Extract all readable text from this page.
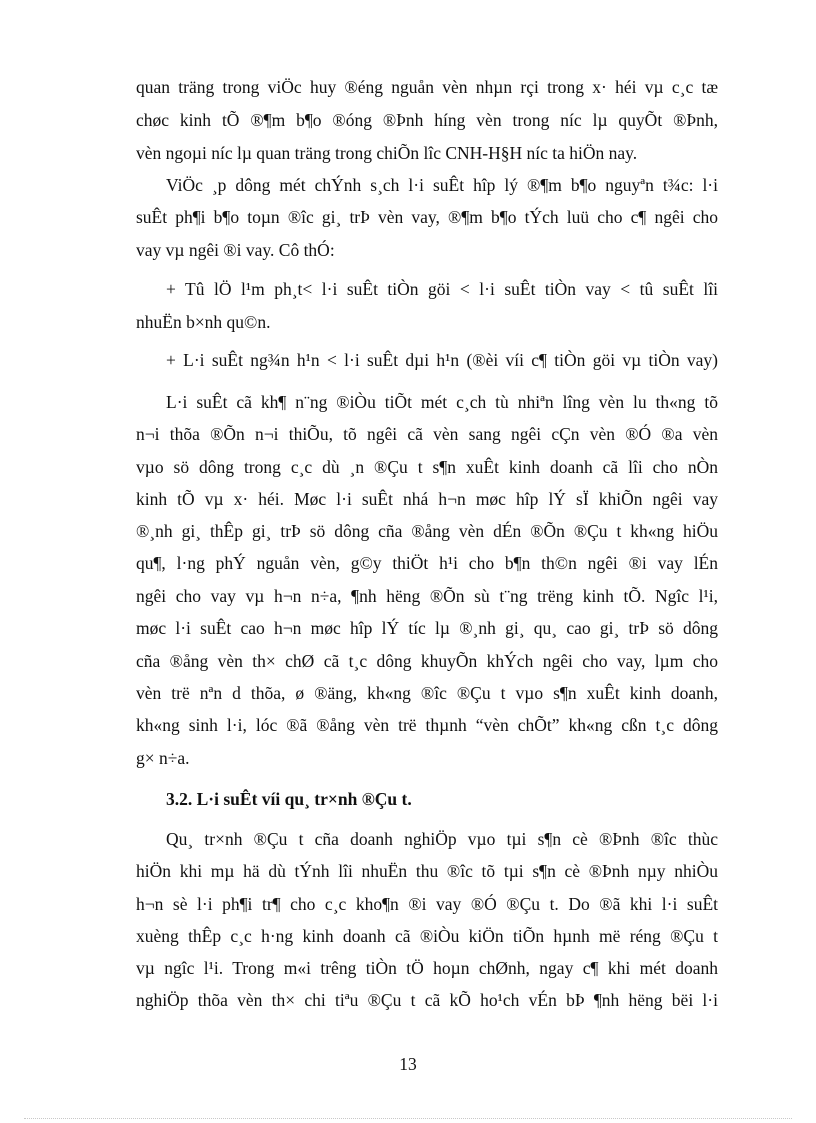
quan träng trong viÖc huy ®éng nguån vèn nhµn rçi trong x· héi vµ c¸c tæ
chøc kinh tÕ ®¶m b¶o ®óng ®Þnh híng vèn trong níc lµ quyÕt ®Þnh,
vèn ngoµi níc lµ quan träng trong chiÕn lîc CNH-H§H níc ta hiÖn nay.
ViÖc ¸p dông mét chÝnh s¸ch l·i suÊt hîp lý ®¶m b¶o nguyªn t¾c: l·i
suÊt ph¶i b¶o toµn ®îc gi¸ trÞ vèn vay, ®¶m b¶o tÝch luü cho c¶ ngêi cho
vay vµ ngêi ®i vay. Cô thÓ:
+ Tû lÖ l¹m ph¸t< l·i suÊt tiÒn göi < l·i suÊt tiÒn vay < tû suÊt lîi
nhuËn b×nh qu©n.
+ L·i suÊt ng¾n h¹n < l·i suÊt dµi h¹n (®èi víi c¶ tiÒn göi vµ tiÒn vay)
L·i suÊt cã kh¶ n¨ng ®iÒu tiÕt mét c¸ch tù nhiªn lîng vèn lu th«ng tõ
n¬i thõa ®Õn n¬i thiÕu, tõ ngêi cã vèn sang ngêi cÇn vèn ®Ó ®a vèn
vµo sö dông trong c¸c dù ¸n ®Çu t s¶n xuÊt kinh doanh cã lîi cho nÒn
kinh tÕ vµ x· héi. Møc l·i suÊt nhá h¬n møc hîp lÝ sÏ khiÕn ngêi vay
®¸nh gi¸ thÊp gi¸ trÞ sö dông cña ®ång vèn dÉn ®Õn ®Çu t kh«ng hiÖu
qu¶, l·ng phÝ nguån vèn, g©y thiÖt h¹i cho b¶n th©n ngêi ®i vay lÉn
ngêi cho vay vµ h¬n n÷a, ¶nh hëng ®Õn sù t¨ng trëng kinh tÕ. Ngîc l¹i,
møc l·i suÊt cao h¬n møc hîp lÝ tíc lµ ®¸nh gi¸ qu¸ cao gi¸ trÞ sö dông
cña ®ång vèn th× chØ cã t¸c dông khuyÕn khÝch ngêi cho vay, lµm cho
vèn trë nªn d thõa, ø ®äng, kh«ng ®îc ®Çu t vµo s¶n xuÊt kinh doanh,
kh«ng sinh l·i, lóc ®ã ®ång vèn trë thµnh “vèn chÕt” kh«ng cßn t¸c dông
g× n÷a.
3.2. L·i suÊt víi qu¸ tr×nh ®Çu t.
Qu¸ tr×nh ®Çu t cña doanh nghiÖp vµo tµi s¶n cè ®Þnh ®îc thùc
hiÖn khi mµ hä dù tÝnh lîi nhuËn thu ®îc tõ tµi s¶n cè ®Þnh nµy nhiÒu
h¬n sè l·i ph¶i tr¶ cho c¸c kho¶n ®i vay ®Ó ®Çu t. Do ®ã khi l·i suÊt
xuèng thÊp c¸c h·ng kinh doanh cã ®iÒu kiÖn tiÕn hµnh më réng ®Çu t
vµ ngîc l¹i. Trong m«i trêng tiÒn tÖ hoµn chØnh, ngay c¶ khi mét doanh
nghiÖp thõa vèn th× chi tiªu ®Çu t cã kÕ ho¹ch vÉn bÞ ¶nh hëng bëi l·i
13
